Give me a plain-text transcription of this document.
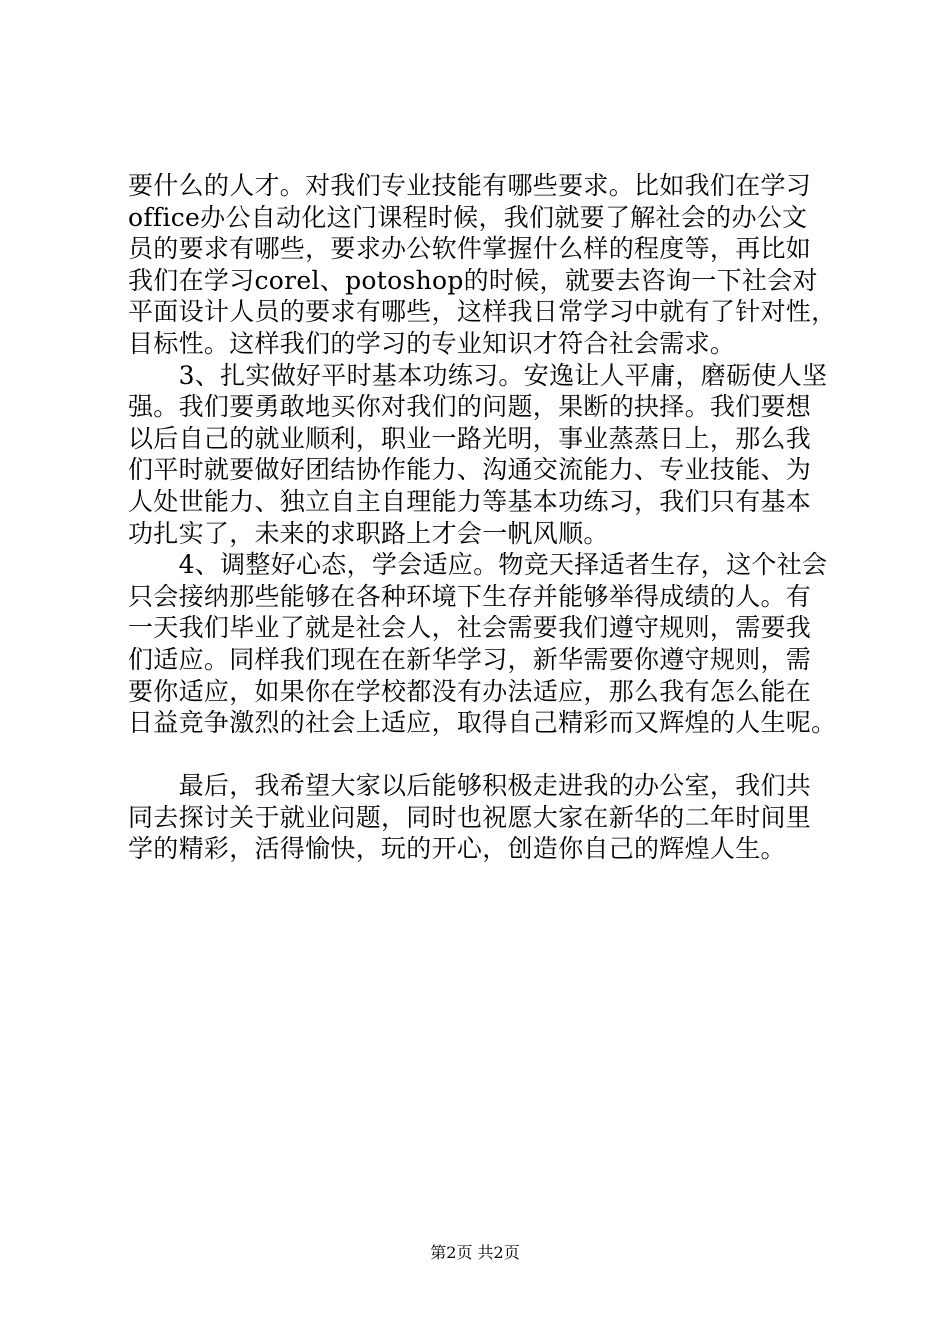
要什么的人才。对我们专业技能有哪些要求。比如我们在学习
office办公自动化这门课程时候，我们就要了解社会的办公文
员的要求有哪些，要求办公软件掌握什么样的程度等，再比如
我们在学习corel、potoshop的时候，就要去咨询一下社会对
平面设计人员的要求有哪些，这样我日常学习中就有了针对性，
目标性。这样我们的学习的专业知识才符合社会需求。
　　3、扎实做好平时基本功练习。安逸让人平庸，磨砺使人坚
强。我们要勇敢地买你对我们的问题，果断的抉择。我们要想
以后自己的就业顺利，职业一路光明，事业蒸蒸日上，那么我
们平时就要做好团结协作能力、沟通交流能力、专业技能、为
人处世能力、独立自主自理能力等基本功练习，我们只有基本
功扎实了，未来的求职路上才会一帆风顺。
　　4、调整好心态，学会适应。物竞天择适者生存，这个社会
只会接纳那些能够在各种环境下生存并能够举得成绩的人。有
一天我们毕业了就是社会人，社会需要我们遵守规则，需要我
们适应。同样我们现在在新华学习，新华需要你遵守规则，需
要你适应，如果你在学校都没有办法适应，那么我有怎么能在
日益竞争激烈的社会上适应，取得自己精彩而又辉煌的人生呢。
　　最后，我希望大家以后能够积极走进我的办公室，我们共
同去探讨关于就业问题，同时也祝愿大家在新华的二年时间里
学的精彩，活得愉快，玩的开心，创造你自己的辉煌人生。
第2页 共2页
